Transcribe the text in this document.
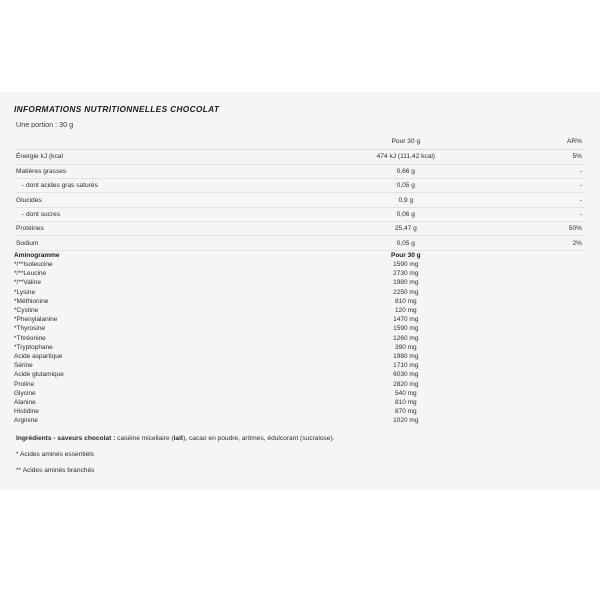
INFORMATIONS NUTRITIONNELLES CHOCOLAT
Une portion : 30 g
	Pour 30 g	AR%
Énergie kJ (kcal	474 kJ (111,42 kcal)	5%
Matières grasses	0,66 g	-
- dont acides gras saturés	0,05 g	-
Glucides	0,9 g	-
- dont sucres	0,06 g	-
Protéines	25,47 g	50%
Sodium	0,05 g	2%
Aminogramme	Pour 30 g	
*/**Isoleucine	1590 mg	
*/**Leucine	2730 mg	
*/**Valine	1980 mg	
*Lysine	2250 mg	
*Méthionine	810 mg	
*Cystine	120 mg	
*Phenylalanine	1470 mg	
*Thyrosine	1590 mg	
*Thréonine	1260 mg	
*Tryptophane	390 mg	
Acide aspartique	1980 mg	
Sérine	1710 mg	
Acide glutamique	6030 mg	
Proline	2820 mg	
Glycine	540 mg	
Alanine	810 mg	
Histidine	870 mg	
Arginine	1020 mg	
Ingrédients - saveurs chocolat : caséine micellaire (lait), cacao en poudre, arômes, édulcorant (sucralose).
* Acides aminés essentiels
** Acides aminés branchés
